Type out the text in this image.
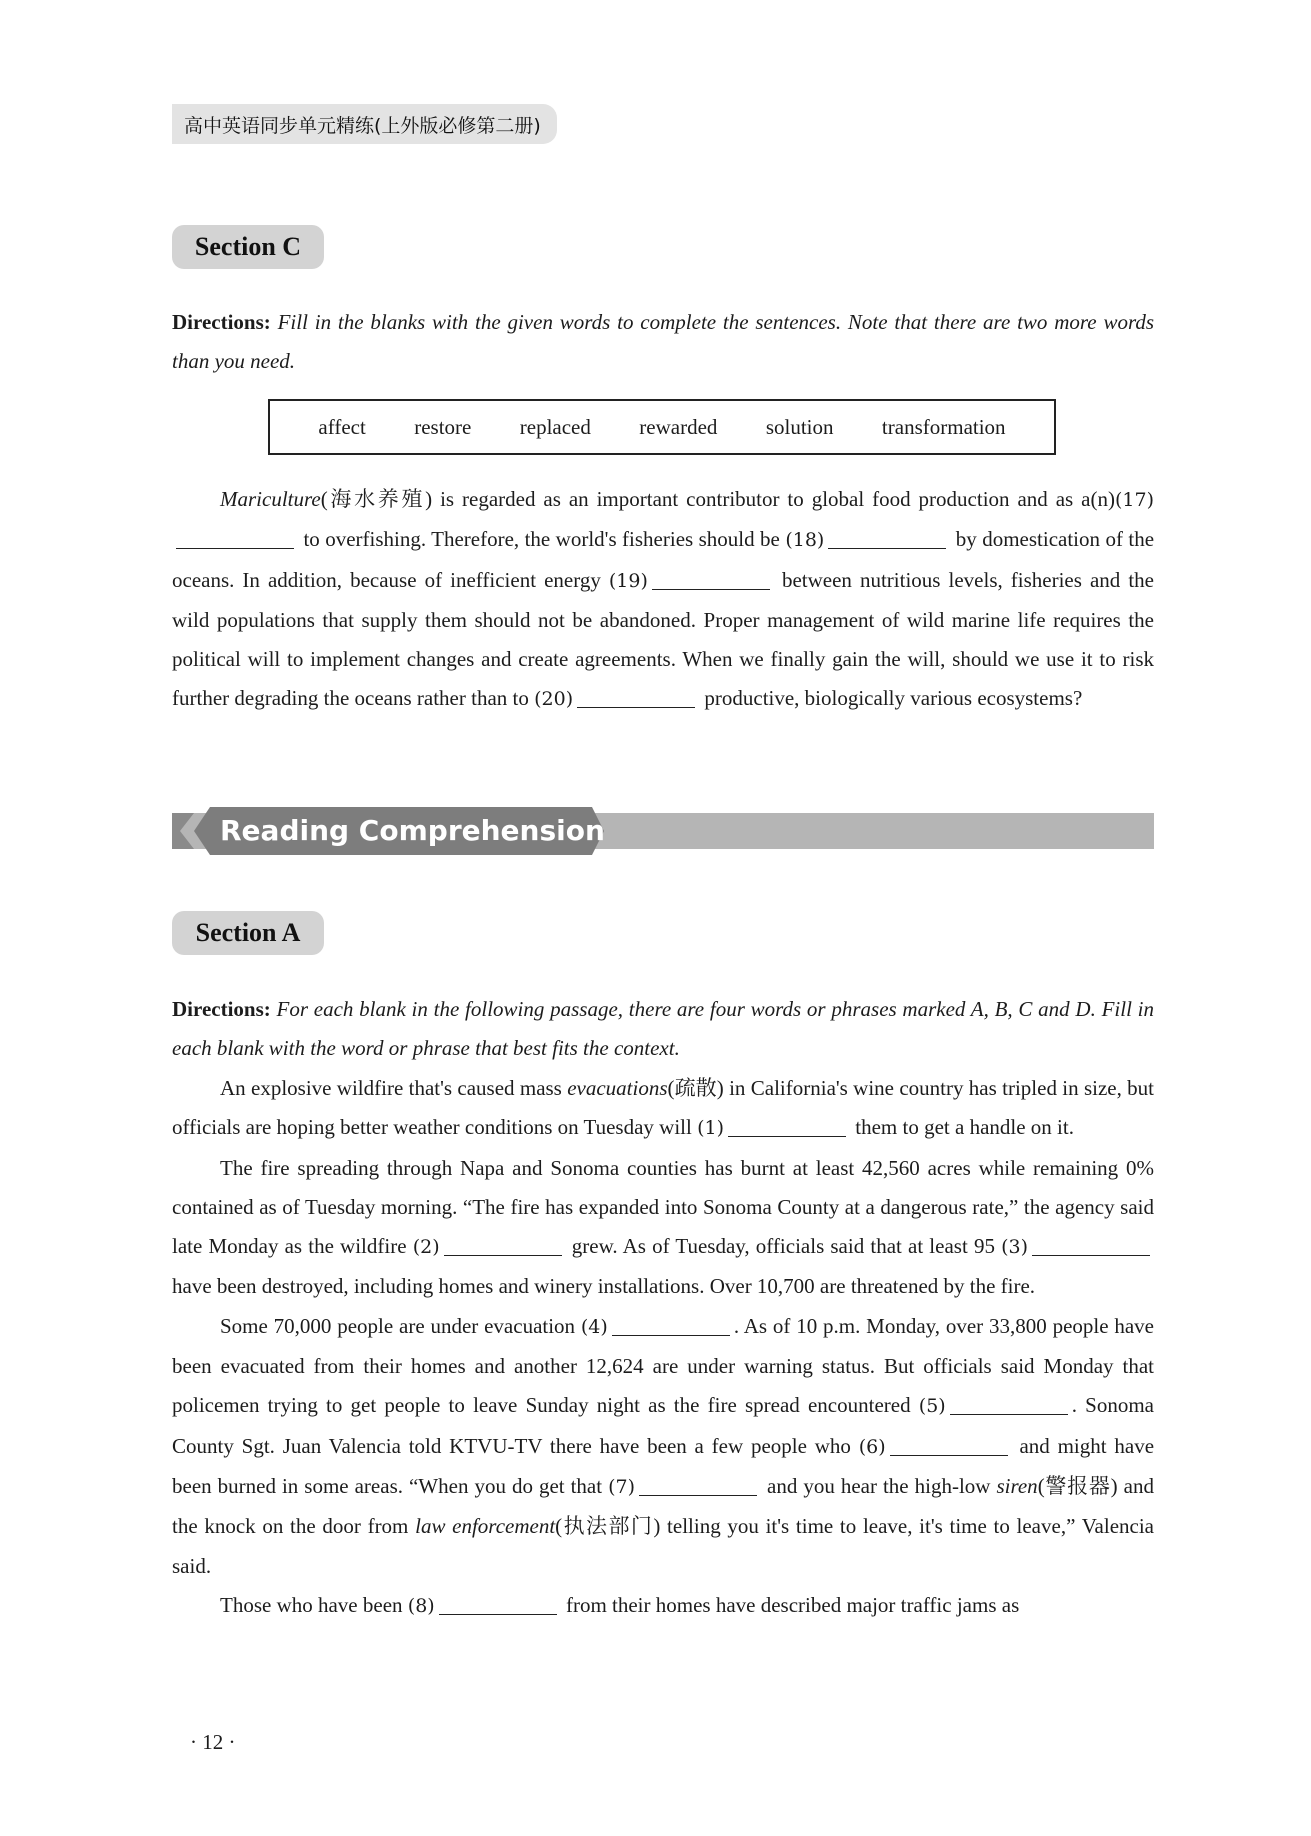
高中英语同步单元精练(上外版必修第二册)
Section C
Directions: Fill in the blanks with the given words to complete the sentences. Note that there are two more words than you need.
affect restore replaced rewarded solution transformation

Mariculture(海水养殖) is regarded as an important contributor to global food production and as a(n)(17) to overfishing. Therefore, the world's fisheries should be (18)	by domestication of the oceans. In addition, because of inefficient energy (19)	between nutritious levels, fisheries and the wild populations that supply them should not be abandoned. Proper management of wild marine life requires the political will to implement changes and create agreements. When we finally gain the will, should we use it to risk further degrading the oceans rather than to (20)	productive, biologically various ecosystems?

Reading Comprehension
Section A
Directions: For each blank in the following passage, there are four words or phrases marked A, B, C and D. Fill in each blank with the word or phrase that best fits the context.

An explosive wildfire that's caused mass evacuations(疏散) in California's wine country has tripled in size, but officials are hoping better weather conditions on Tuesday will (1)	them to get a handle on it.

The fire spreading through Napa and Sonoma counties has burnt at least 42,560 acres while remaining 0% contained as of Tuesday morning. “The fire has expanded into Sonoma County at a dangerous rate,” the agency said late Monday as the wildfire (2)	grew. As of Tuesday, officials said that at least 95 (3) have been destroyed, including homes and winery installations. Over 10,700 are threatened by the fire.

Some 70,000 people are under evacuation (4)	. As of 10 p.m. Monday, over 33,800 people have been evacuated from their homes and another 12,624 are under warning status. But officials said Monday that policemen trying to get people to leave Sunday night as the fire spread encountered (5)	. Sonoma County Sgt. Juan Valencia told KTVU-TV there have been a few people who (6)	and might have been burned in some areas. “When you do get that (7)	and you hear the high-low siren(警报器) and the knock on the door from law enforcement(执法部门) telling you it's time to leave, it's time to leave,” Valencia said.

Those who have been (8)	from their homes have described major traffic jams as

· 12 ·
